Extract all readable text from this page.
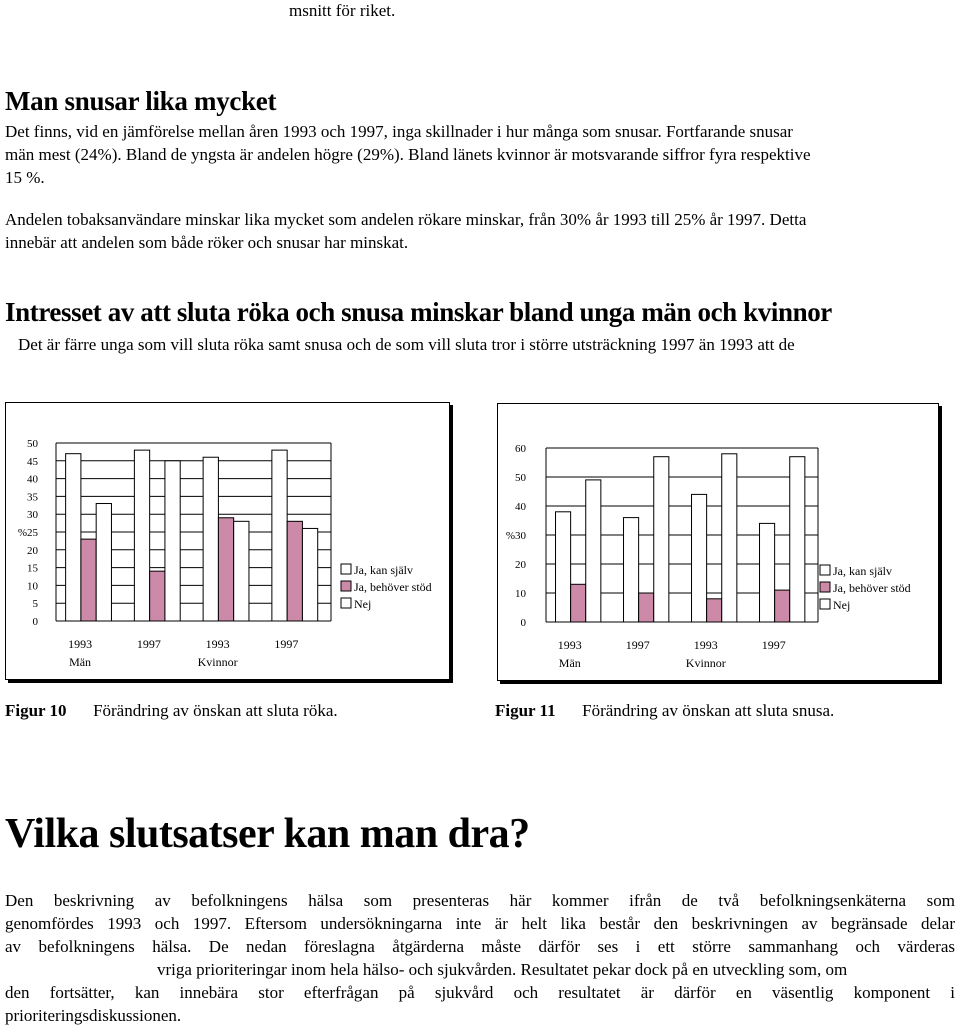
msnitt för riket.
Man snusar lika mycket
Det finns, vid en jämförelse mellan åren 1993 och 1997, inga skillnader i hur många som snusar. Fortfarande snusar
män mest (24%). Bland de yngsta är andelen högre (29%). Bland länets kvinnor är motsvarande siffror fyra respektive
15 %.
Andelen tobaksanvändare minskar lika mycket som andelen rökare minskar, från 30% år 1993 till 25% år 1997. Detta
innebär att andelen som både röker och snusar har minskat.
Intresset av att sluta röka och snusa minskar bland unga män och kvinnor
Det är färre unga som vill sluta röka samt snusa och de som vill sluta tror i större utsträckning 1997 än 1993 att de
50
45
40
35
30
%25
20
15
10
5
0
1993	1997	1993	1997
Män	Kvinnor
Ja, kan själv
Ja, behöver stöd
Nej
60
50
40
%30
20
10
0
1993	1997	1993	1997
Män	Kvinnor
Ja, kan själv
Ja, behöver stöd
Nej
Figur 10 Förändring av önskan att sluta röka.	Figur 11 Förändring av önskan att sluta snusa.
Vilka slutsatser kan man dra?
Den beskrivning av befolkningens hälsa som presenteras här kommer ifrån de två befolkningsenkäterna som
genomfördes 1993 och 1997. Eftersom undersökningarna inte är helt lika består den beskrivningen av begränsade delar
av befolkningens hälsa. De nedan föreslagna åtgärderna måste därför ses i ett större sammanhang och värderas
vriga prioriteringar inom hela hälso- och sjukvården. Resultatet pekar dock på en utveckling som, om
den fortsätter, kan innebära stor efterfrågan på sjukvård och resultatet är därför en väsentlig komponent i
prioriteringsdiskussionen.
